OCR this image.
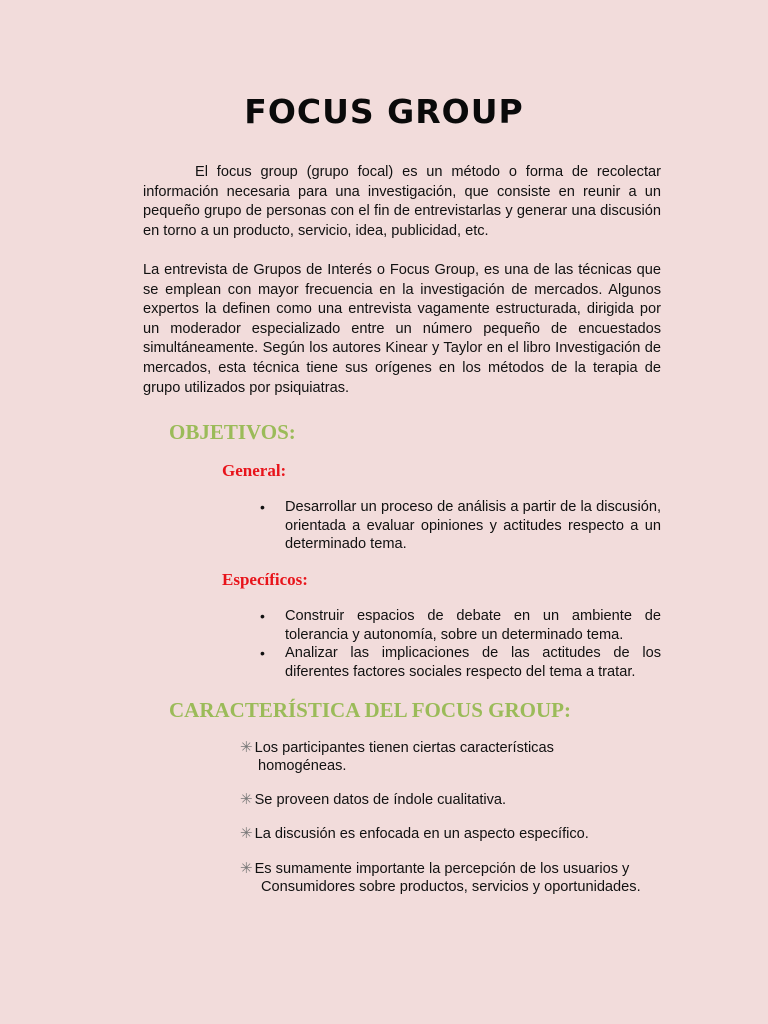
FOCUS GROUP

El focus group (grupo focal) es un método o forma de recolectar información necesaria para una investigación, que consiste en reunir a un pequeño grupo de personas con el fin de entrevistarlas y generar una discusión en torno a un producto, servicio, idea, publicidad, etc.

La entrevista de Grupos de Interés o Focus Group, es una de las técnicas que se emplean con mayor frecuencia en la investigación de mercados. Algunos expertos la definen como una entrevista vagamente estructurada, dirigida por un moderador especializado entre un número pequeño de encuestados simultáneamente. Según los autores Kinear y Taylor en el libro Investigación de mercados, esta técnica tiene sus orígenes en los métodos de la terapia de grupo utilizados por psiquiatras.

OBJETIVOS:
General:
• Desarrollar un proceso de análisis a partir de la discusión, orientada a evaluar opiniones y actitudes respecto a un determinado tema.
Específicos:
• Construir espacios de debate en un ambiente de tolerancia y autonomía, sobre un determinado tema.
• Analizar las implicaciones de las actitudes de los diferentes factores sociales respecto del tema a tratar.
CARACTERÍSTICA DEL FOCUS GROUP:
✳ Los participantes tienen ciertas características
homogéneas.
✳ Se proveen datos de índole cualitativa.
✳ La discusión es enfocada en un aspecto específico.
✳ Es sumamente importante la percepción de los usuarios y
Consumidores sobre productos, servicios y oportunidades.
